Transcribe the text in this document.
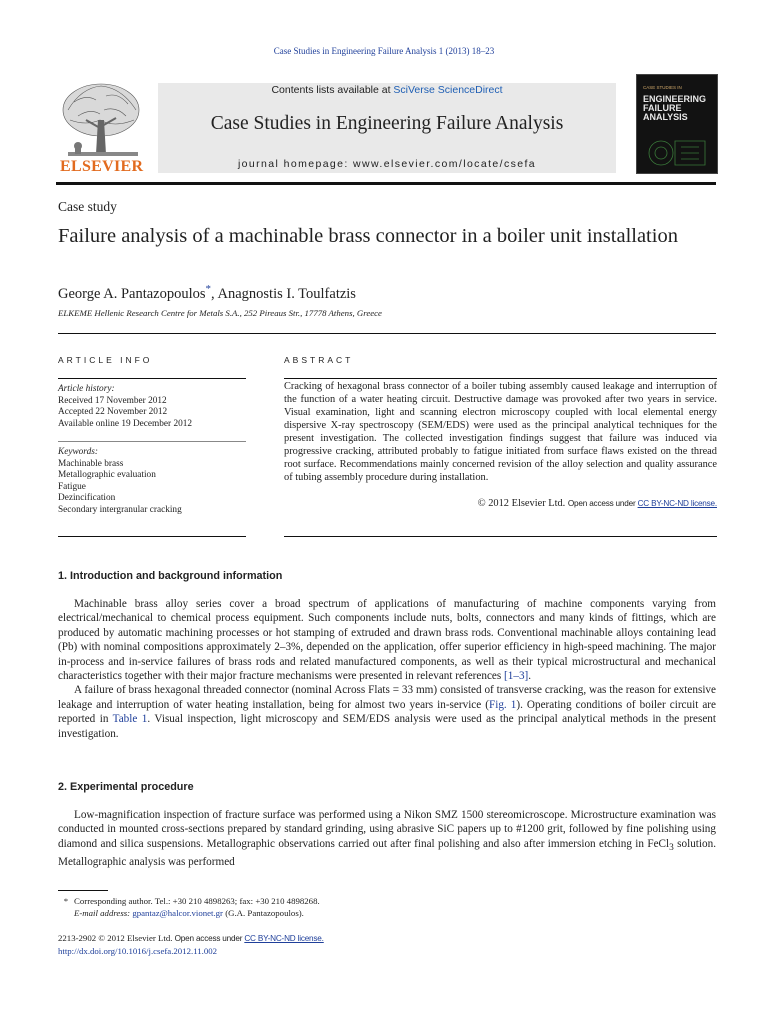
Case Studies in Engineering Failure Analysis 1 (2013) 18–23
ELSEVIER
Contents lists available at SciVerse ScienceDirect
Case Studies in Engineering Failure Analysis
journal homepage: www.elsevier.com/locate/csefa
CASE STUDIES IN
ENGINEERING
FAILURE
ANALYSIS
Case study
Failure analysis of a machinable brass connector in a boiler unit installation
George A. Pantazopoulos*, Anagnostis I. Toulfatzis
ELKEME Hellenic Research Centre for Metals S.A., 252 Pireaus Str., 17778 Athens, Greece
ARTICLE INFO
Article history:
Received 17 November 2012
Accepted 22 November 2012
Available online 19 December 2012
Keywords:
Machinable brass
Metallographic evaluation
Fatigue
Dezincification
Secondary intergranular cracking
ABSTRACT
Cracking of hexagonal brass connector of a boiler tubing assembly caused leakage and interruption of the function of a water heating circuit. Destructive damage was provoked after two years in service. Visual examination, light and scanning electron microscopy coupled with local elemental energy dispersive X-ray spectroscopy (SEM/EDS) were used as the principal analytical techniques for the present investigation. The collected investigation findings suggest that failure was induced via progressive cracking, attributed probably to fatigue initiated from surface flaws existed on the thread root surface. Recommendations mainly concerned revision of the alloy selection and quality assurance of tubing assembly procedure during installation.
© 2012 Elsevier Ltd. Open access under CC BY-NC-ND license.
1. Introduction and background information

Machinable brass alloy series cover a broad spectrum of applications of manufacturing of machine components varying from electrical/mechanical to chemical process equipment. Such components include nuts, bolts, connectors and many kinds of fittings, which are produced by automatic machining processes or hot stamping of extruded and drawn brass rods. Conventional machinable alloys containing lead (Pb) with nominal compositions approximately 2–3%, depended on the application, offer superior efficiency in high-speed machining. The major in-process and in-service failures of brass rods and related manufactured components, as well as their typical microstructural and mechanical characteristics together with their major fracture mechanisms were presented in relevant references [1–3].

A failure of brass hexagonal threaded connector (nominal Across Flats = 33 mm) consisted of transverse cracking, was the reason for extensive leakage and interruption of water heating installation, being for almost two years in-service (Fig. 1). Operating conditions of boiler circuit are reported in Table 1. Visual inspection, light microscopy and SEM/EDS analysis were used as the principal analytical methods in the present investigation.

2. Experimental procedure

Low-magnification inspection of fracture surface was performed using a Nikon SMZ 1500 stereomicroscope. Microstructure examination was conducted in mounted cross-sections prepared by standard grinding, using abrasive SiC papers up to #1200 grit, followed by fine polishing using diamond and silica suspensions. Metallographic observations carried out after final polishing and also after immersion etching in FeCl$_3$ solution. Metallographic analysis was performed

* Corresponding author. Tel.: +30 210 4898263; fax: +30 210 4898268.
E-mail address: gpantaz@halcor.vionet.gr (G.A. Pantazopoulos).
2213-2902 © 2012 Elsevier Ltd. Open access under CC BY-NC-ND license.
http://dx.doi.org/10.1016/j.csefa.2012.11.002
